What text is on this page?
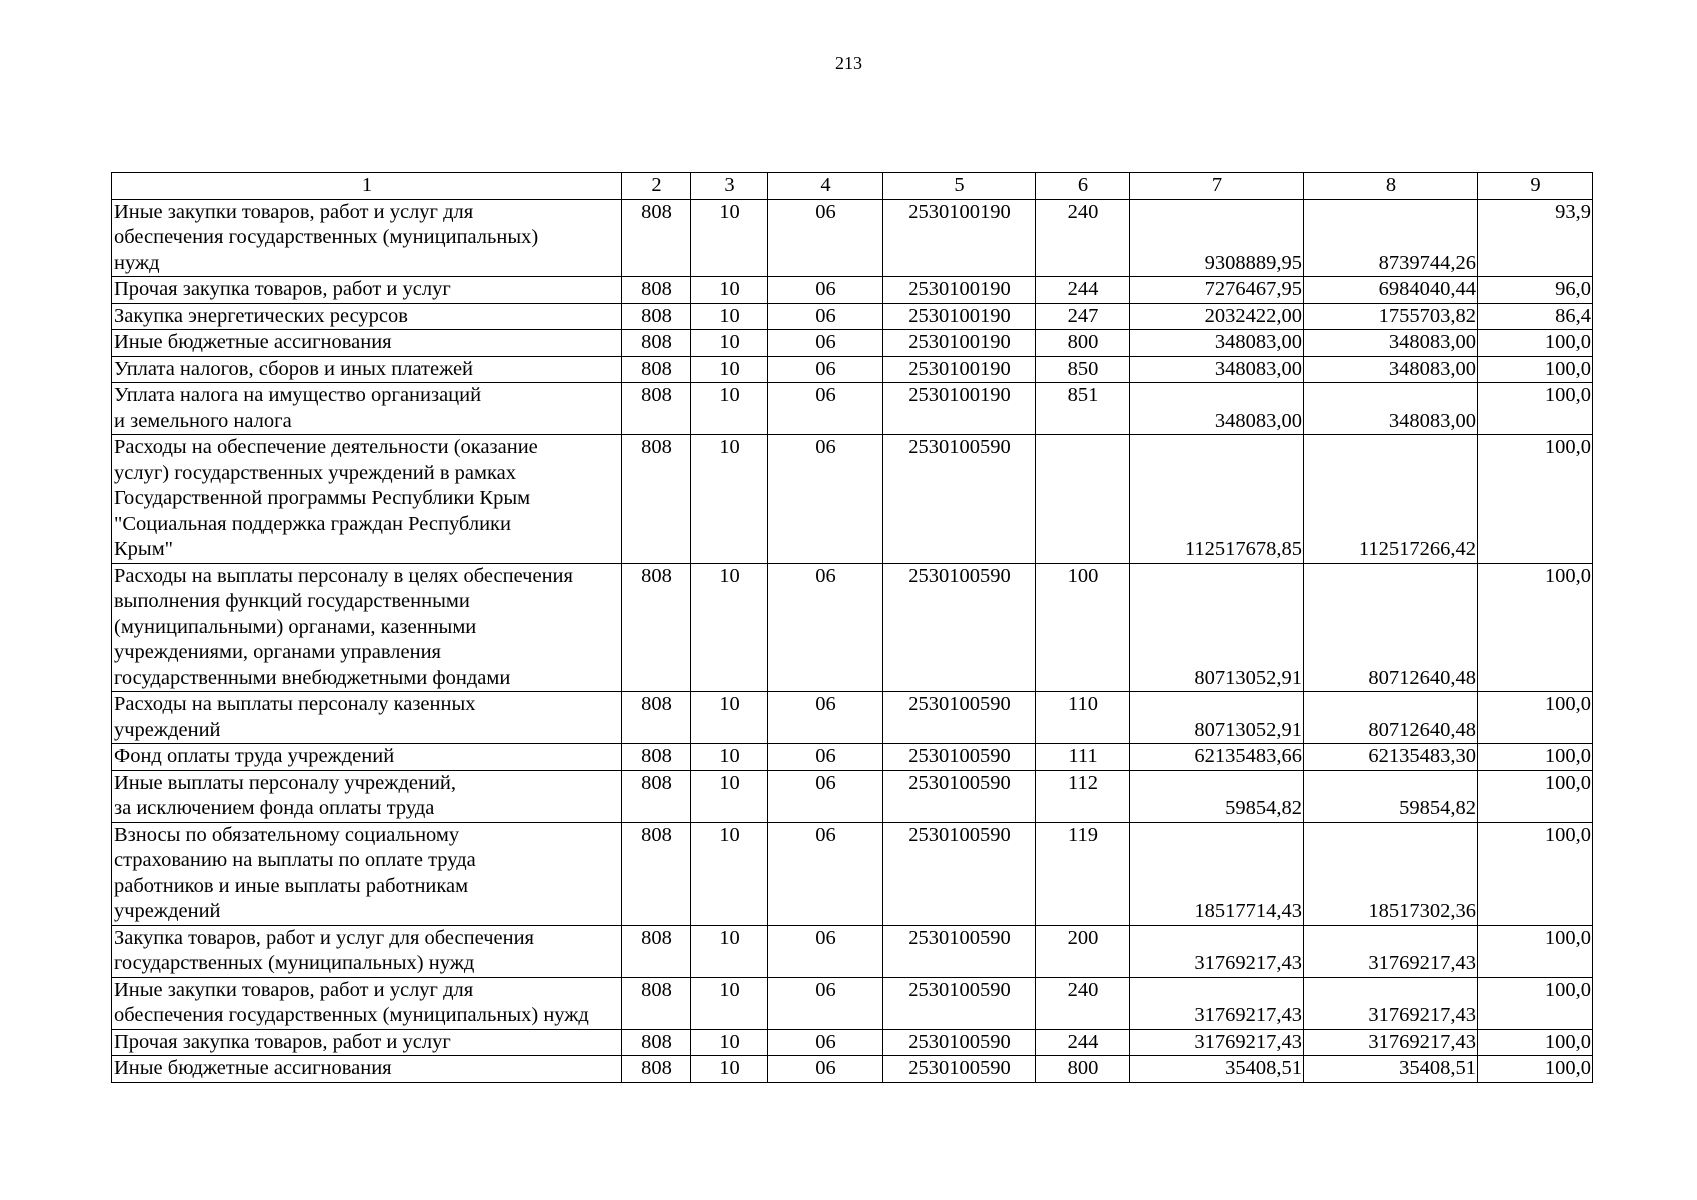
213
1	2	3	4	5	6	7	8	9
Иные закупки товаров, работ и услуг для
обеспечения государственных (муниципальных)
нужд	808	10	06	2530100190	240	9308889,95	8739744,26	93,9
Прочая закупка товаров, работ и услуг	808	10	06	2530100190	244	7276467,95	6984040,44	96,0
Закупка энергетических ресурсов	808	10	06	2530100190	247	2032422,00	1755703,82	86,4
Иные бюджетные ассигнования	808	10	06	2530100190	800	348083,00	348083,00	100,0
Уплата налогов, сборов и иных платежей	808	10	06	2530100190	850	348083,00	348083,00	100,0
Уплата налога на имущество организаций
и земельного налога	808	10	06	2530100190	851	348083,00	348083,00	100,0
Расходы на обеспечение деятельности (оказание
услуг) государственных учреждений в рамках
Государственной программы Республики Крым
"Социальная поддержка граждан Республики
Крым"	808	10	06	2530100590		112517678,85	112517266,42	100,0
Расходы на выплаты персоналу в целях обеспечения
выполнения функций государственными
(муниципальными) органами, казенными
учреждениями, органами управления
государственными внебюджетными фондами	808	10	06	2530100590	100	80713052,91	80712640,48	100,0
Расходы на выплаты персоналу казенных
учреждений	808	10	06	2530100590	110	80713052,91	80712640,48	100,0
Фонд оплаты труда учреждений	808	10	06	2530100590	111	62135483,66	62135483,30	100,0
Иные выплаты персоналу учреждений,
за исключением фонда оплаты труда	808	10	06	2530100590	112	59854,82	59854,82	100,0
Взносы по обязательному социальному
страхованию на выплаты по оплате труда
работников и иные выплаты работникам
учреждений	808	10	06	2530100590	119	18517714,43	18517302,36	100,0
Закупка товаров, работ и услуг для обеспечения
государственных (муниципальных) нужд	808	10	06	2530100590	200	31769217,43	31769217,43	100,0
Иные закупки товаров, работ и услуг для
обеспечения государственных (муниципальных) нужд	808	10	06	2530100590	240	31769217,43	31769217,43	100,0
Прочая закупка товаров, работ и услуг	808	10	06	2530100590	244	31769217,43	31769217,43	100,0
Иные бюджетные ассигнования	808	10	06	2530100590	800	35408,51	35408,51	100,0
